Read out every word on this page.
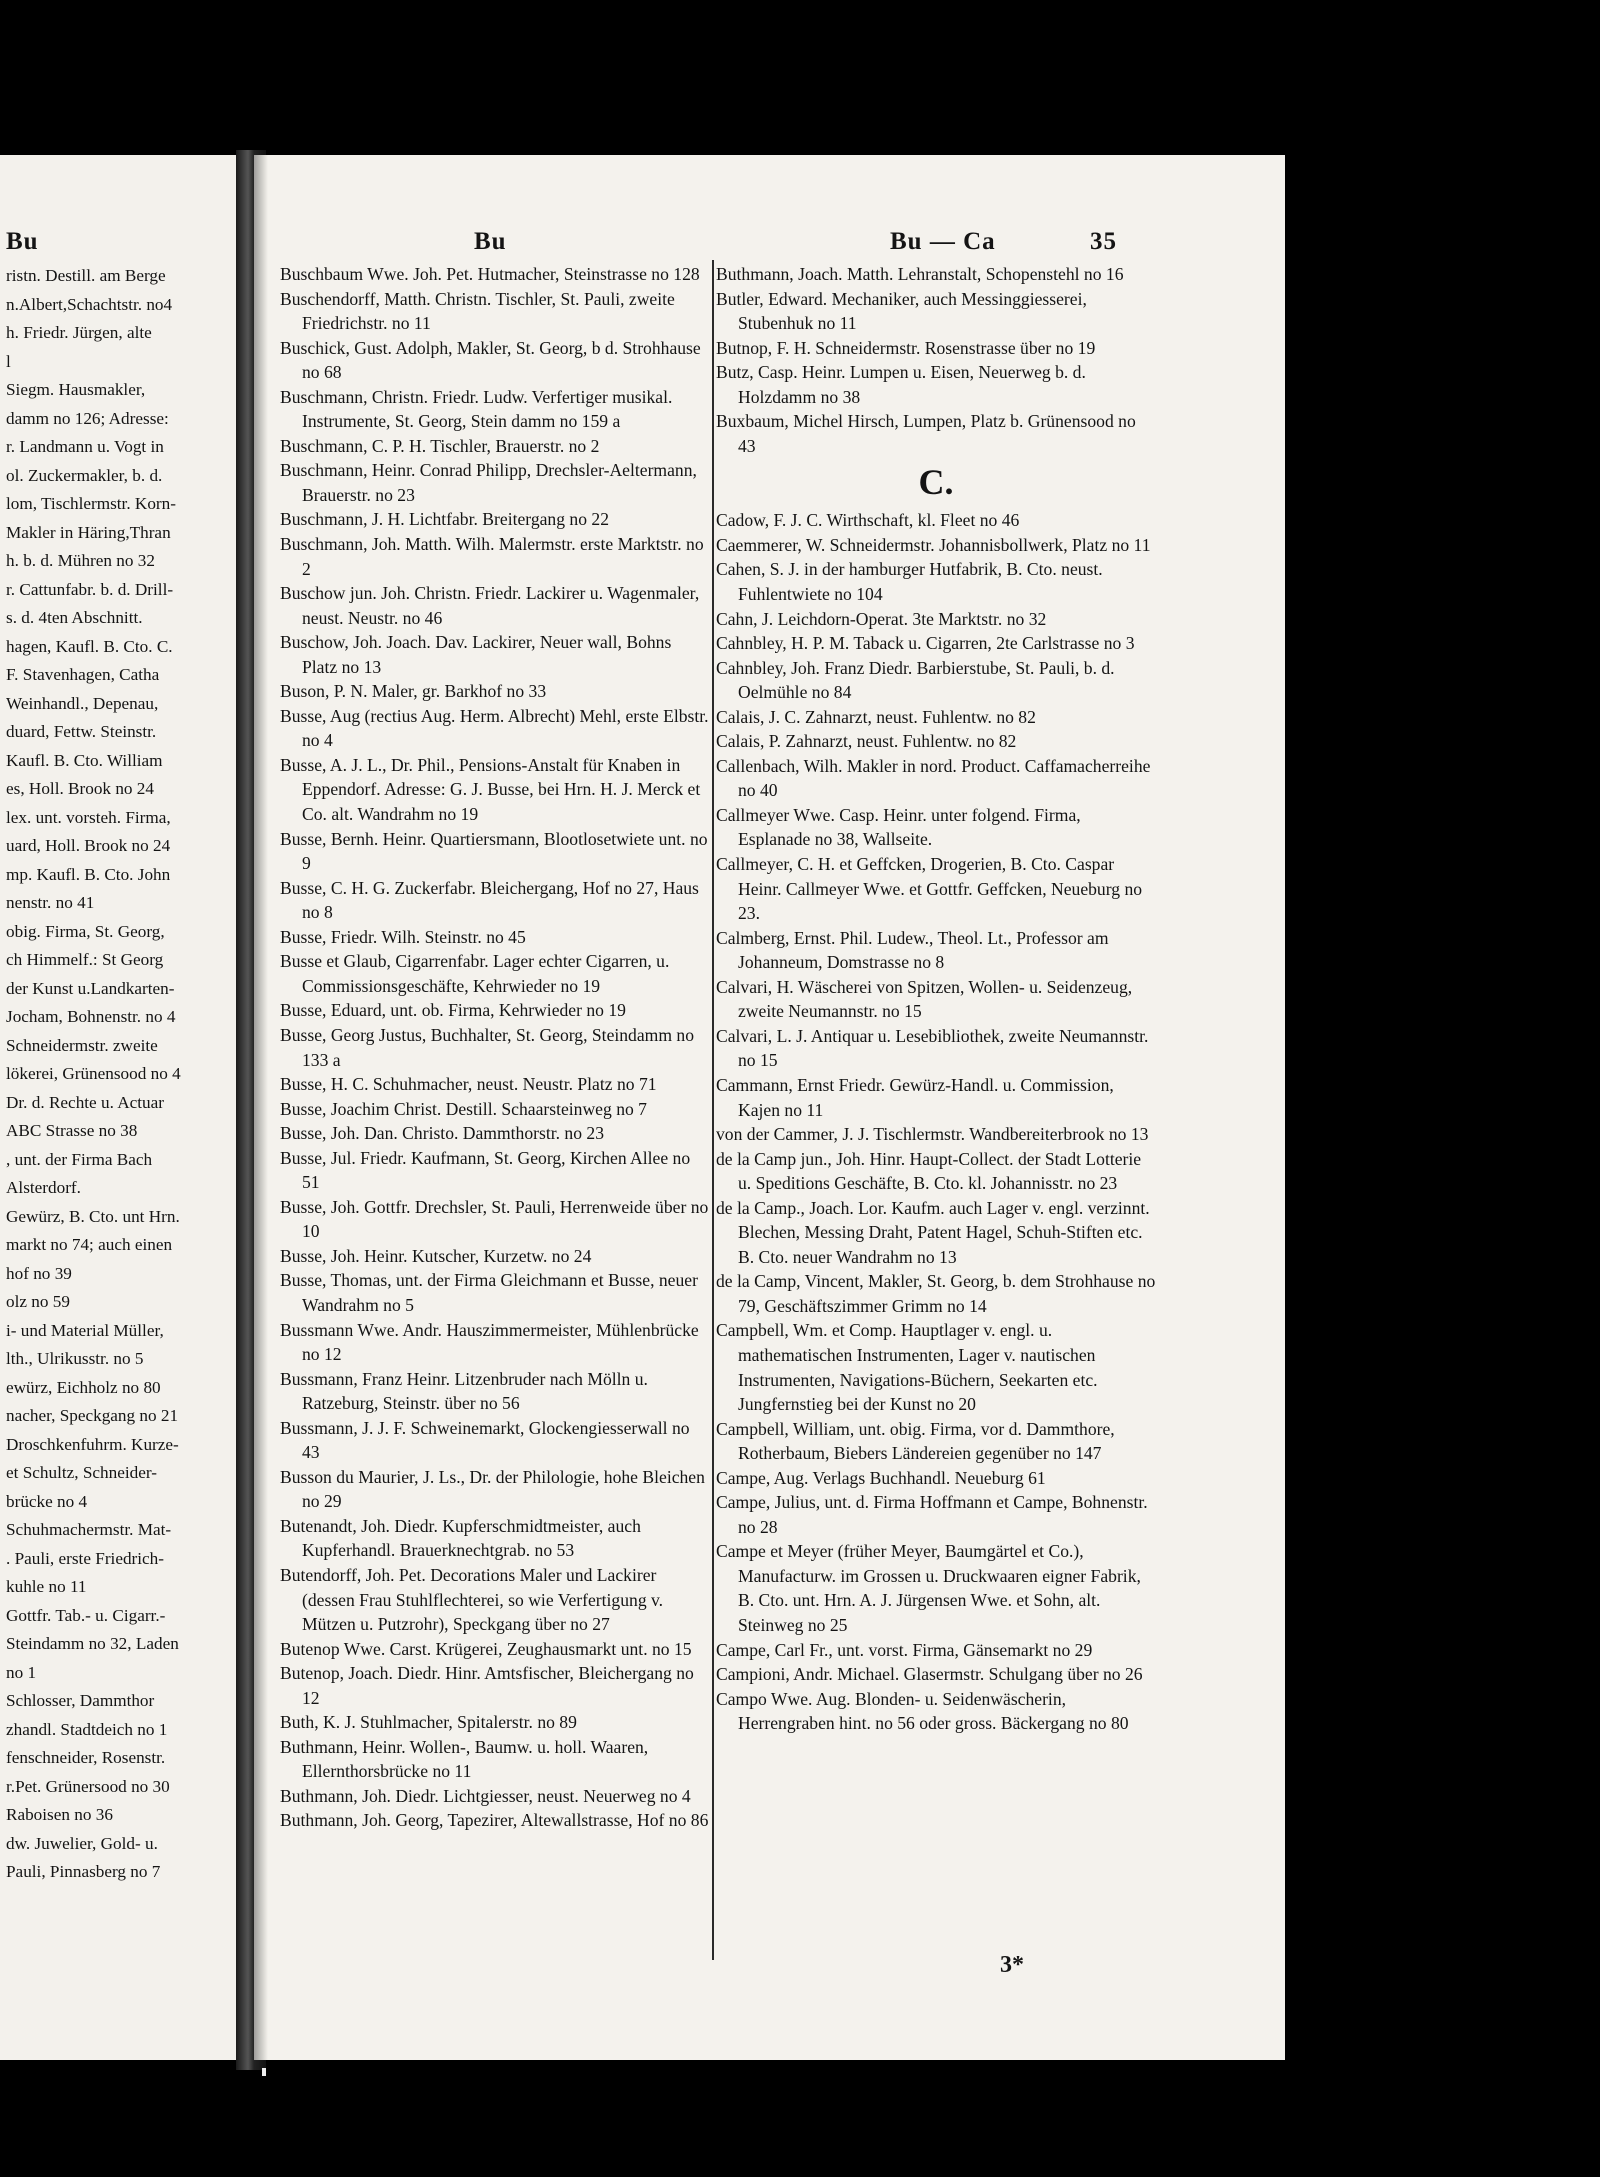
Bu

ristn. Destill. am Berge

n.Albert,Schachtstr. no4

h. Friedr. Jürgen, alte

l

Siegm. Hausmakler,

damm no 126; Adresse:

r. Landmann u. Vogt in

ol. Zuckermakler, b. d.

lom, Tischlermstr. Korn-

Makler in Häring,Thran

h. b. d. Mühren no 32

r. Cattunfabr. b. d. Drill-

s. d. 4ten Abschnitt.

hagen, Kaufl. B. Cto. C.

F. Stavenhagen, Catha

Weinhandl., Depenau,

duard, Fettw. Steinstr.

Kaufl. B. Cto. William

es, Holl. Brook no 24

lex. unt. vorsteh. Firma,

uard, Holl. Brook no 24

mp. Kaufl. B. Cto. John

nenstr. no 41

obig. Firma, St. Georg,

ch Himmelf.: St Georg

der Kunst u.Landkarten-

Jocham, Bohnenstr. no 4

Schneidermstr. zweite

lökerei, Grünensood no 4

Dr. d. Rechte u. Actuar

ABC Strasse no 38

, unt. der Firma Bach

Alsterdorf.

Gewürz, B. Cto. unt Hrn.

markt no 74; auch einen

hof no 39

olz no 59

i- und Material Müller,

lth., Ulrikusstr. no 5

ewürz, Eichholz no 80

nacher, Speckgang no 21

Droschkenfuhrm. Kurze-

et Schultz, Schneider-

brücke no 4

Schuhmachermstr. Mat-

. Pauli, erste Friedrich-

kuhle no 11

Gottfr. Tab.- u. Cigarr.-

Steindamm no 32, Laden

no 1

Schlosser, Dammthor

zhandl. Stadtdeich no 1

fenschneider, Rosenstr.

r.Pet. Grünersood no 30

Raboisen no 36

dw. Juwelier, Gold- u.

Pauli, Pinnasberg no 7

Bu	Bu — Ca	35

Buschbaum Wwe. Joh. Pet. Hutmacher, Steinstrasse no 128

Buschendorff, Matth. Christn. Tischler, St. Pauli, zweite Friedrichstr. no 11

Buschick, Gust. Adolph, Makler, St. Georg, b d. Strohhause no 68

Buschmann, Christn. Friedr. Ludw. Verfertiger musikal. Instrumente, St. Georg, Stein damm no 159 a

Buschmann, C. P. H. Tischler, Brauerstr. no 2

Buschmann, Heinr. Conrad Philipp, Drechsler-Aeltermann, Brauerstr. no 23

Buschmann, J. H. Lichtfabr. Breitergang no 22

Buschmann, Joh. Matth. Wilh. Malermstr. erste Marktstr. no 2

Buschow jun. Joh. Christn. Friedr. Lackirer u. Wagenmaler, neust. Neustr. no 46

Buschow, Joh. Joach. Dav. Lackirer, Neuer wall, Bohns Platz no 13

Buson, P. N. Maler, gr. Barkhof no 33

Busse, Aug (rectius Aug. Herm. Albrecht) Mehl, erste Elbstr. no 4

Busse, A. J. L., Dr. Phil., Pensions-Anstalt für Knaben in Eppendorf. Adresse: G. J. Busse, bei Hrn. H. J. Merck et Co. alt. Wandrahm no 19

Busse, Bernh. Heinr. Quartiersmann, Blootlosetwiete unt. no 9

Busse, C. H. G. Zuckerfabr. Bleichergang, Hof no 27, Haus no 8

Busse, Friedr. Wilh. Steinstr. no 45

Busse et Glaub, Cigarrenfabr. Lager echter Cigarren, u. Commissionsgeschäfte, Kehrwieder no 19

Busse, Eduard, unt. ob. Firma, Kehrwieder no 19

Busse, Georg Justus, Buchhalter, St. Georg, Steindamm no 133 a

Busse, H. C. Schuhmacher, neust. Neustr. Platz no 71

Busse, Joachim Christ. Destill. Schaarsteinweg no 7

Busse, Joh. Dan. Christo. Dammthorstr. no 23

Busse, Jul. Friedr. Kaufmann, St. Georg, Kirchen Allee no 51

Busse, Joh. Gottfr. Drechsler, St. Pauli, Herrenweide über no 10

Busse, Joh. Heinr. Kutscher, Kurzetw. no 24

Busse, Thomas, unt. der Firma Gleichmann et Busse, neuer Wandrahm no 5

Bussmann Wwe. Andr. Hauszimmermeister, Mühlenbrücke no 12

Bussmann, Franz Heinr. Litzenbruder nach Mölln u. Ratzeburg, Steinstr. über no 56

Bussmann, J. J. F. Schweinemarkt, Glockengiesserwall no 43

Busson du Maurier, J. Ls., Dr. der Philologie, hohe Bleichen no 29

Butenandt, Joh. Diedr. Kupferschmidtmeister, auch Kupferhandl. Brauerknechtgrab. no 53

Butendorff, Joh. Pet. Decorations Maler und Lackirer (dessen Frau Stuhlflechterei, so wie Verfertigung v. Mützen u. Putzrohr), Speckgang über no 27

Butenop Wwe. Carst. Krügerei, Zeughausmarkt unt. no 15

Butenop, Joach. Diedr. Hinr. Amtsfischer, Bleichergang no 12

Buth, K. J. Stuhlmacher, Spitalerstr. no 89

Buthmann, Heinr. Wollen-, Baumw. u. holl. Waaren, Ellernthorsbrücke no 11

Buthmann, Joh. Diedr. Lichtgiesser, neust. Neuerweg no 4

Buthmann, Joh. Georg, Tapezirer, Altewallstrasse, Hof no 86

Buthmann, Joach. Matth. Lehranstalt, Schopenstehl no 16

Butler, Edward. Mechaniker, auch Messinggiesserei, Stubenhuk no 11

Butnop, F. H. Schneidermstr. Rosenstrasse über no 19

Butz, Casp. Heinr. Lumpen u. Eisen, Neuerweg b. d. Holzdamm no 38

Buxbaum, Michel Hirsch, Lumpen, Platz b. Grünensood no 43

C.

Cadow, F. J. C. Wirthschaft, kl. Fleet no 46

Caemmerer, W. Schneidermstr. Johannisbollwerk, Platz no 11

Cahen, S. J. in der hamburger Hutfabrik, B. Cto. neust. Fuhlentwiete no 104

Cahn, J. Leichdorn-Operat. 3te Marktstr. no 32

Cahnbley, H. P. M. Taback u. Cigarren, 2te Carlstrasse no 3

Cahnbley, Joh. Franz Diedr. Barbierstube, St. Pauli, b. d. Oelmühle no 84

Calais, J. C. Zahnarzt, neust. Fuhlentw. no 82

Calais, P. Zahnarzt, neust. Fuhlentw. no 82

Callenbach, Wilh. Makler in nord. Product. Caffamacherreihe no 40

Callmeyer Wwe. Casp. Heinr. unter folgend. Firma, Esplanade no 38, Wallseite.

Callmeyer, C. H. et Geffcken, Drogerien, B. Cto. Caspar Heinr. Callmeyer Wwe. et Gottfr. Geffcken, Neueburg no 23.

Calmberg, Ernst. Phil. Ludew., Theol. Lt., Professor am Johanneum, Domstrasse no 8

Calvari, H. Wäscherei von Spitzen, Wollen- u. Seidenzeug, zweite Neumannstr. no 15

Calvari, L. J. Antiquar u. Lesebibliothek, zweite Neumannstr. no 15

Cammann, Ernst Friedr. Gewürz-Handl. u. Commission, Kajen no 11

von der Cammer, J. J. Tischlermstr. Wandbereiterbrook no 13

de la Camp jun., Joh. Hinr. Haupt-Collect. der Stadt Lotterie u. Speditions Geschäfte, B. Cto. kl. Johannisstr. no 23

de la Camp., Joach. Lor. Kaufm. auch Lager v. engl. verzinnt. Blechen, Messing Draht, Patent Hagel, Schuh-Stiften etc. B. Cto. neuer Wandrahm no 13

de la Camp, Vincent, Makler, St. Georg, b. dem Strohhause no 79, Geschäftszimmer Grimm no 14

Campbell, Wm. et Comp. Hauptlager v. engl. u. mathematischen Instrumenten, Lager v. nautischen Instrumenten, Navigations-Büchern, Seekarten etc. Jungfernstieg bei der Kunst no 20

Campbell, William, unt. obig. Firma, vor d. Dammthore, Rotherbaum, Biebers Ländereien gegenüber no 147

Campe, Aug. Verlags Buchhandl. Neueburg 61

Campe, Julius, unt. d. Firma Hoffmann et Campe, Bohnenstr. no 28

Campe et Meyer (früher Meyer, Baumgärtel et Co.), Manufacturw. im Grossen u. Druckwaaren eigner Fabrik, B. Cto. unt. Hrn. A. J. Jürgensen Wwe. et Sohn, alt. Steinweg no 25

Campe, Carl Fr., unt. vorst. Firma, Gänsemarkt no 29

Campioni, Andr. Michael. Glasermstr. Schulgang über no 26

Campo Wwe. Aug. Blonden- u. Seidenwäscherin, Herrengraben hint. no 56 oder gross. Bäckergang no 80

3*
